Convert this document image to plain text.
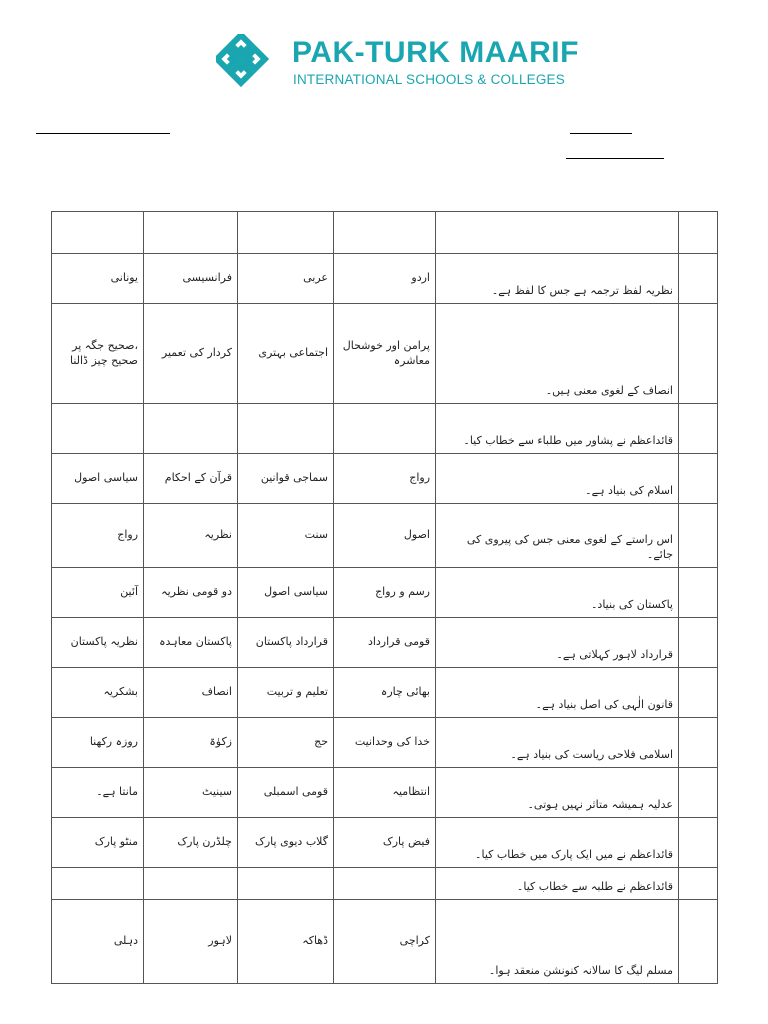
PAK-TURK MAARIF
INTERNATIONAL SCHOOLS & COLLEGES

یونانی	فرانسیسی	عربی	اردو	نظریہ لفظ ترجمہ ہے جس کا لفظ ہے۔	
،صحیح جگہ پر صحیح چیز ڈالنا	کردار کی تعمیر	اجتماعی بہتری	پرامن اور خوشحال معاشرہ	انصاف کے لغوی معنی ہیں۔	
				قائداعظم نے پشاور میں طلباء سے خطاب کیا۔	
سیاسی اصول	قرآن کے احکام	سماجی قوانین	رواج	اسلام کی بنیاد ہے۔	
رواج	نظریہ	سنت	اصول	اس راستے کے لغوی معنی جس کی پیروی کی جائے۔	
آئین	دو قومی نظریہ	سیاسی اصول	رسم و رواج	پاکستان کی بنیاد۔	
نظریہ پاکستان	پاکستان معاہدہ	قرارداد پاکستان	قومی قرارداد	قرارداد لاہور کہلاتی ہے۔	
بشکریہ	انصاف	تعلیم و تربیت	بھائی چارہ	قانون الٰہی کی اصل بنیاد ہے۔	
روزہ رکھنا	زکوٰۃ	حج	خدا کی وحدانیت	اسلامی فلاحی ریاست کی بنیاد ہے۔	
مانتا ہے۔	سینیٹ	قومی اسمبلی	انتظامیہ	عدلیہ ہمیشہ متاثر نہیں ہوتی۔	
منٹو پارک	چلڈرن پارک	گلاب دیوی پارک	فیض پارک	قائداعظم نے میں ایک پارک میں خطاب کیا۔	
				قائداعظم نے طلبہ سے خطاب کیا۔	
دہلی	لاہور	ڈھاکہ	کراچی	مسلم لیگ کا سالانہ کنونشن منعقد ہوا۔	
